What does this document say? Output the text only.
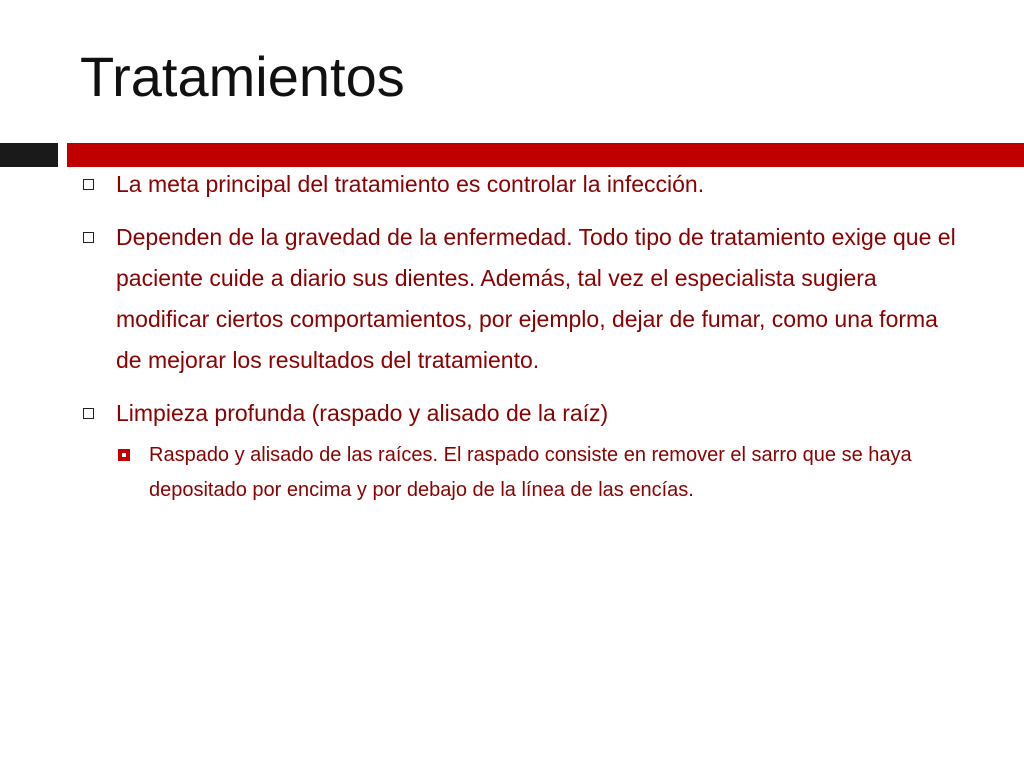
Tratamientos
La meta principal del tratamiento es controlar la infección.
Dependen de la gravedad de la enfermedad. Todo tipo de tratamiento exige que el paciente cuide a diario sus dientes. Además, tal vez el especialista sugiera modificar ciertos comportamientos, por ejemplo, dejar de fumar, como una forma de mejorar los resultados del tratamiento.
Limpieza profunda (raspado y alisado de la raíz)
Raspado y alisado de las raíces. El raspado consiste en remover el sarro que se haya depositado por encima y por debajo de la línea de las encías.
